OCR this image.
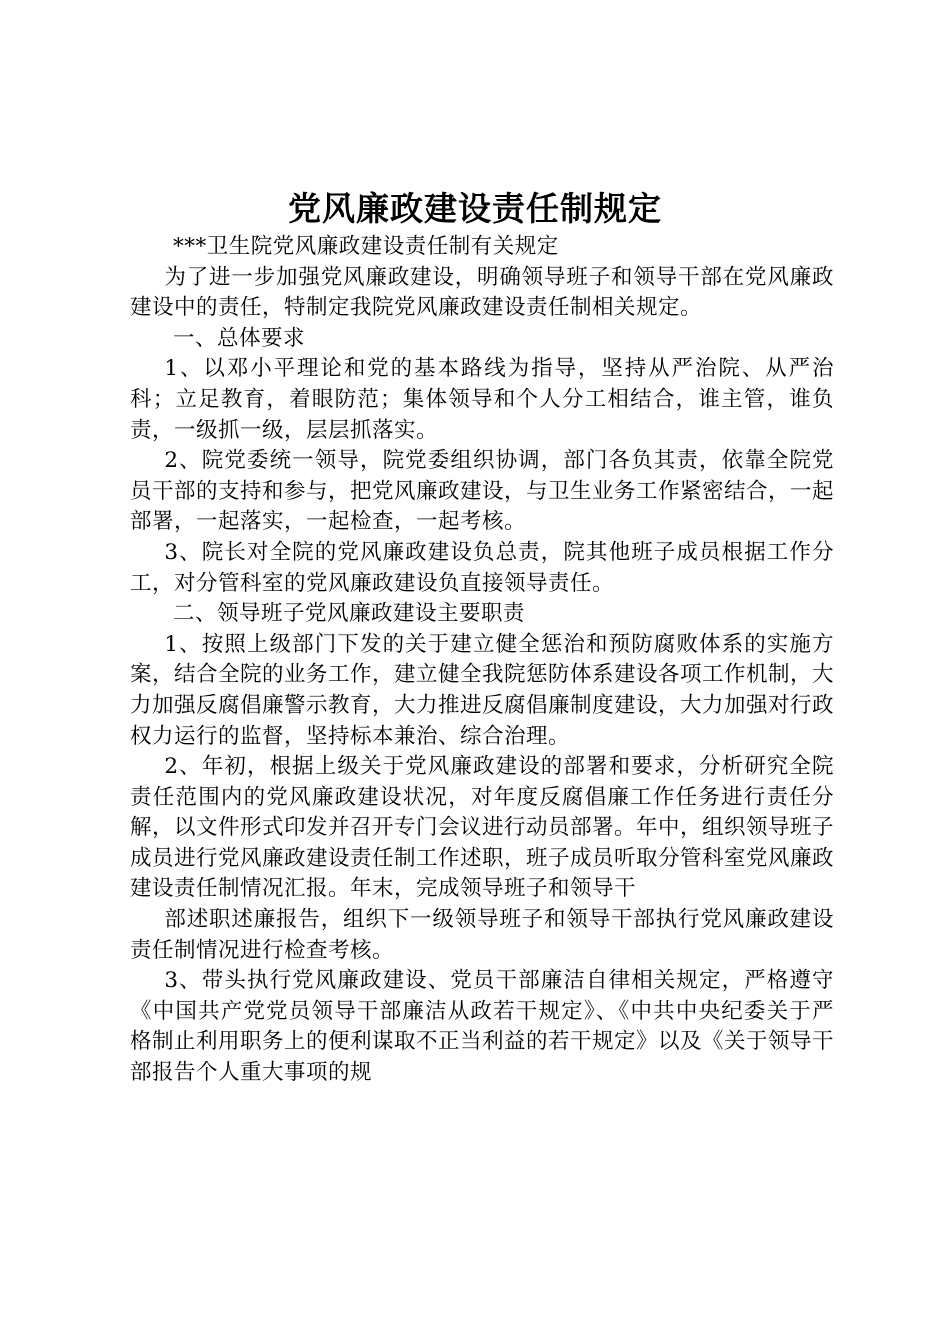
党风廉政建设责任制规定

***卫生院党风廉政建设责任制有关规定

为了进一步加强党风廉政建设，明确领导班子和领导干部在党风廉政建设中的责任，特制定我院党风廉政建设责任制相关规定。

一、总体要求

1、以邓小平理论和党的基本路线为指导，坚持从严治院、从严治科；立足教育，着眼防范；集体领导和个人分工相结合，谁主管，谁负责，一级抓一级，层层抓落实。

2、院党委统一领导，院党委组织协调，部门各负其责，依靠全院党员干部的支持和参与，把党风廉政建设，与卫生业务工作紧密结合，一起部署，一起落实，一起检查，一起考核。

3、院长对全院的党风廉政建设负总责，院其他班子成员根据工作分工，对分管科室的党风廉政建设负直接领导责任。

二、领导班子党风廉政建设主要职责

1、按照上级部门下发的关于建立健全惩治和预防腐败体系的实施方案，结合全院的业务工作，建立健全我院惩防体系建设各项工作机制，大力加强反腐倡廉警示教育，大力推进反腐倡廉制度建设，大力加强对行政权力运行的监督，坚持标本兼治、综合治理。

2、年初，根据上级关于党风廉政建设的部署和要求，分析研究全院责任范围内的党风廉政建设状况，对年度反腐倡廉工作任务进行责任分解，以文件形式印发并召开专门会议进行动员部署。年中，组织领导班子成员进行党风廉政建设责任制工作述职，班子成员听取分管科室党风廉政建设责任制情况汇报。年末，完成领导班子和领导干

部述职述廉报告，组织下一级领导班子和领导干部执行党风廉政建设责任制情况进行检查考核。

3、带头执行党风廉政建设、党员干部廉洁自律相关规定，严格遵守《中国共产党党员领导干部廉洁从政若干规定》、《中共中央纪委关于严格制止利用职务上的便利谋取不正当利益的若干规定》以及《关于领导干部报告个人重大事项的规
